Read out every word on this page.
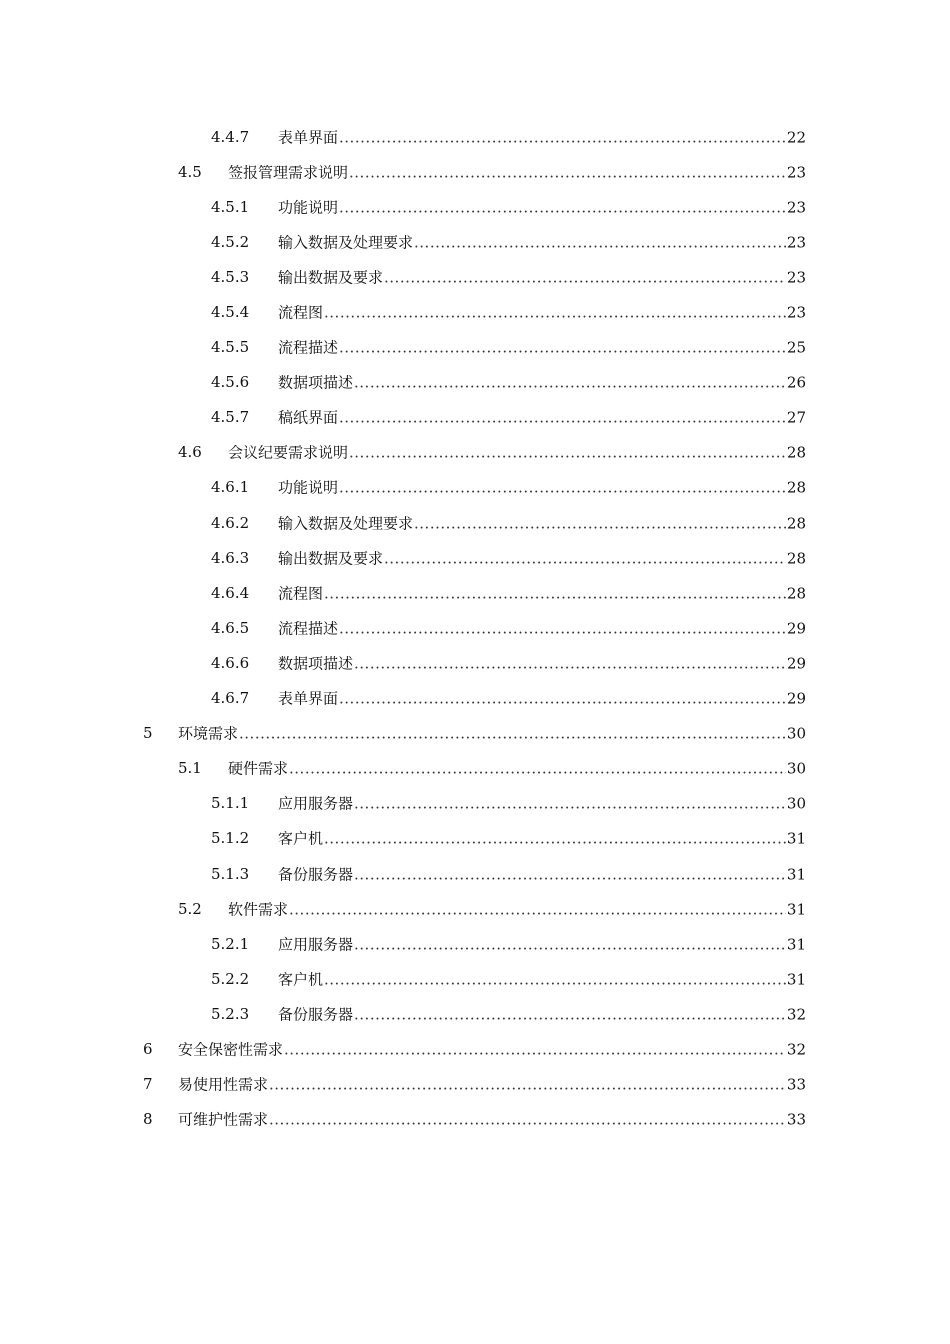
4.4.7 表单界面 .....	22
4.5 签报管理需求说明 .....	23
4.5.1 功能说明 .....	23
4.5.2 输入数据及处理要求 .....	23
4.5.3 输出数据及要求 .....	23
4.5.4 流程图 .....	23
4.5.5 流程描述 .....	25
4.5.6 数据项描述 .....	26
4.5.7 稿纸界面 .....	27
4.6 会议纪要需求说明 .....	28
4.6.1 功能说明 .....	28
4.6.2 输入数据及处理要求 .....	28
4.6.3 输出数据及要求 .....	28
4.6.4 流程图 .....	28
4.6.5 流程描述 .....	29
4.6.6 数据项描述 .....	29
4.6.7 表单界面 .....	29
5 环境需求 .....	30
5.1 硬件需求 .....	30
5.1.1 应用服务器 .....	30
5.1.2 客户机 .....	31
5.1.3 备份服务器 .....	31
5.2 软件需求 .....	31
5.2.1 应用服务器 .....	31
5.2.2 客户机 .....	31
5.2.3 备份服务器 .....	32
6 安全保密性需求 .....	32
7 易使用性需求 .....	33
8 可维护性需求 .....	33
